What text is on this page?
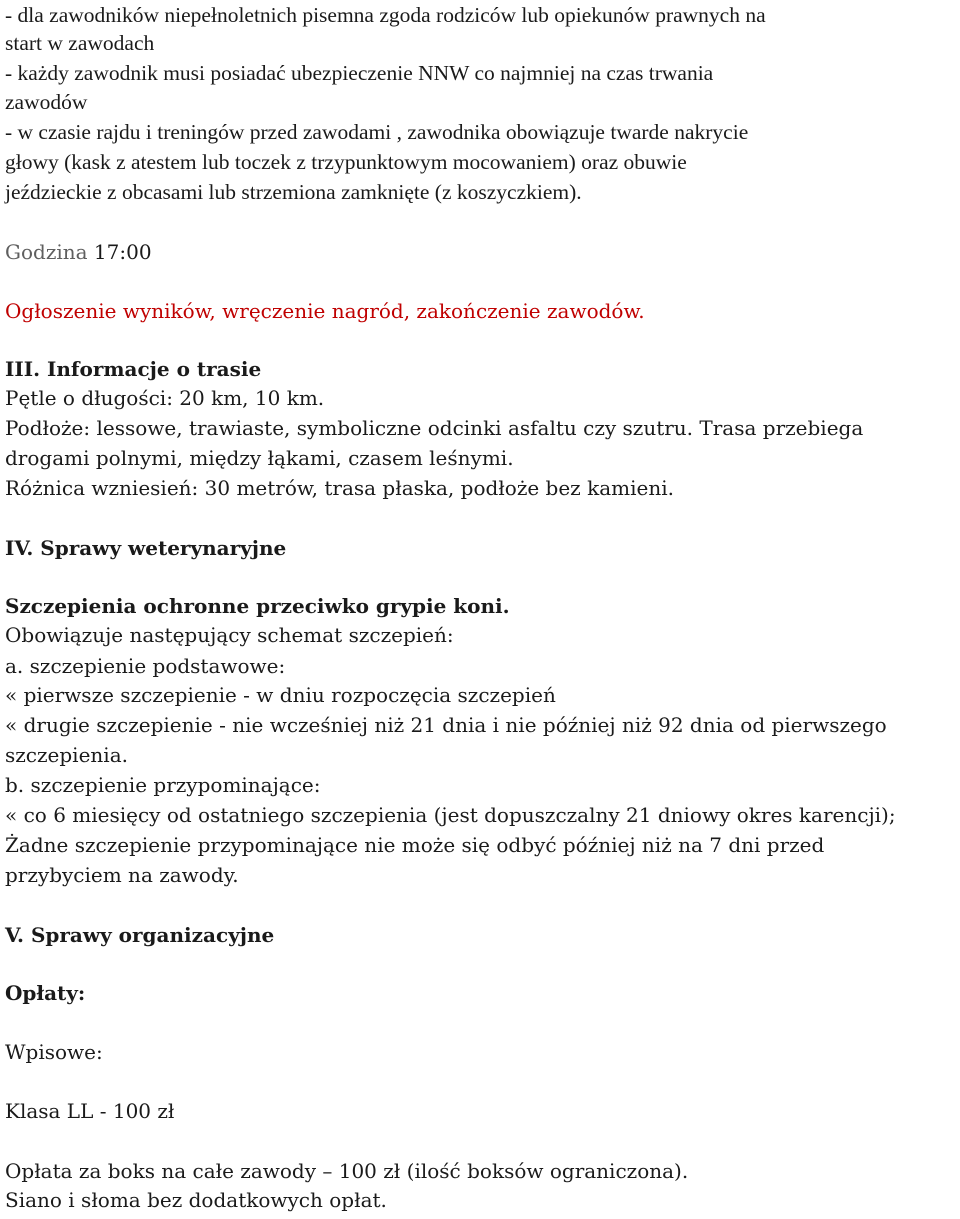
- dla zawodników niepełnoletnich pisemna zgoda rodziców lub opiekunów prawnych na
start w zawodach
- każdy zawodnik musi posiadać ubezpieczenie NNW co najmniej na czas trwania
zawodów
- w czasie rajdu i treningów przed zawodami , zawodnika obowiązuje twarde nakrycie
głowy (kask z atestem lub toczek z trzypunktowym mocowaniem) oraz obuwie
jeździeckie z obcasami lub strzemiona zamknięte (z koszyczkiem).
Godzina 17:00
Ogłoszenie wyników, wręczenie nagród, zakończenie zawodów.
III. Informacje o trasie
Pętle o długości: 20 km, 10 km.
Podłoże: lessowe, trawiaste, symboliczne odcinki asfaltu czy szutru. Trasa przebiega
drogami polnymi, między łąkami, czasem leśnymi.
Różnica wzniesień: 30 metrów, trasa płaska, podłoże bez kamieni.
IV. Sprawy weterynaryjne
Szczepienia ochronne przeciwko grypie koni.
Obowiązuje następujący schemat szczepień:
a. szczepienie podstawowe:
« pierwsze szczepienie - w dniu rozpoczęcia szczepień
« drugie szczepienie - nie wcześniej niż 21 dnia i nie później niż 92 dnia od pierwszego
szczepienia.
b. szczepienie przypominające:
« co 6 miesięcy od ostatniego szczepienia (jest dopuszczalny 21 dniowy okres karencji);
Żadne szczepienie przypominające nie może się odbyć później niż na 7 dni przed
przybyciem na zawody.
V. Sprawy organizacyjne
Opłaty:
Wpisowe:
Klasa LL - 100 zł
Opłata za boks na całe zawody – 100 zł (ilość boksów ograniczona).
Siano i słoma bez dodatkowych opłat.
